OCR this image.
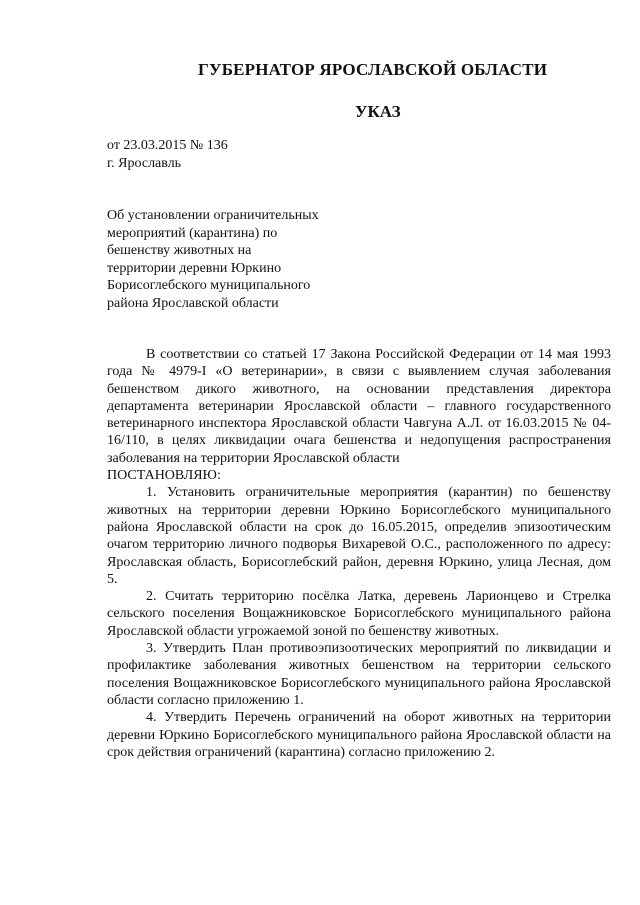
ГУБЕРНАТОР ЯРОСЛАВСКОЙ ОБЛАСТИ
УКАЗ
от 23.03.2015 № 136
г. Ярославль
Об установлении ограничительных
мероприятий (карантина) по
бешенству животных на
территории деревни Юркино
Борисоглебского муниципального
района Ярославской области

В соответствии со статьей 17 Закона Российской Федерации от 14 мая 1993 года № 4979-I «О ветеринарии», в связи с выявлением случая заболевания бешенством дикого животного, на основании представления директора департамента ветеринарии Ярославской области – главного государственного ветеринарного инспектора Ярославской области Чавгуна А.Л. от 16.03.2015 № 04-16/110, в целях ликвидации очага бешенства и недопущения распространения заболевания на территории Ярославской области

ПОСТАНОВЛЯЮ:

1. Установить ограничительные мероприятия (карантин) по бешенству животных на территории деревни Юркино Борисоглебского муниципального района Ярославской области на срок до 16.05.2015, определив эпизоотическим очагом территорию личного подворья Вихаревой О.С., расположенного по адресу: Ярославская область, Борисоглебский район, деревня Юркино, улица Лесная, дом 5.

2. Считать территорию посёлка Латка, деревень Ларионцево и Стрелка сельского поселения Вощажниковское Борисоглебского муниципального района Ярославской области угрожаемой зоной по бешенству животных.

3. Утвердить План противоэпизоотических мероприятий по ликвидации и профилактике заболевания животных бешенством на территории сельского поселения Вощажниковское Борисоглебского муниципального района Ярославской области согласно приложению 1.

4. Утвердить Перечень ограничений на оборот животных на территории деревни Юркино Борисоглебского муниципального района Ярославской области на срок действия ограничений (карантина) согласно приложению 2.
